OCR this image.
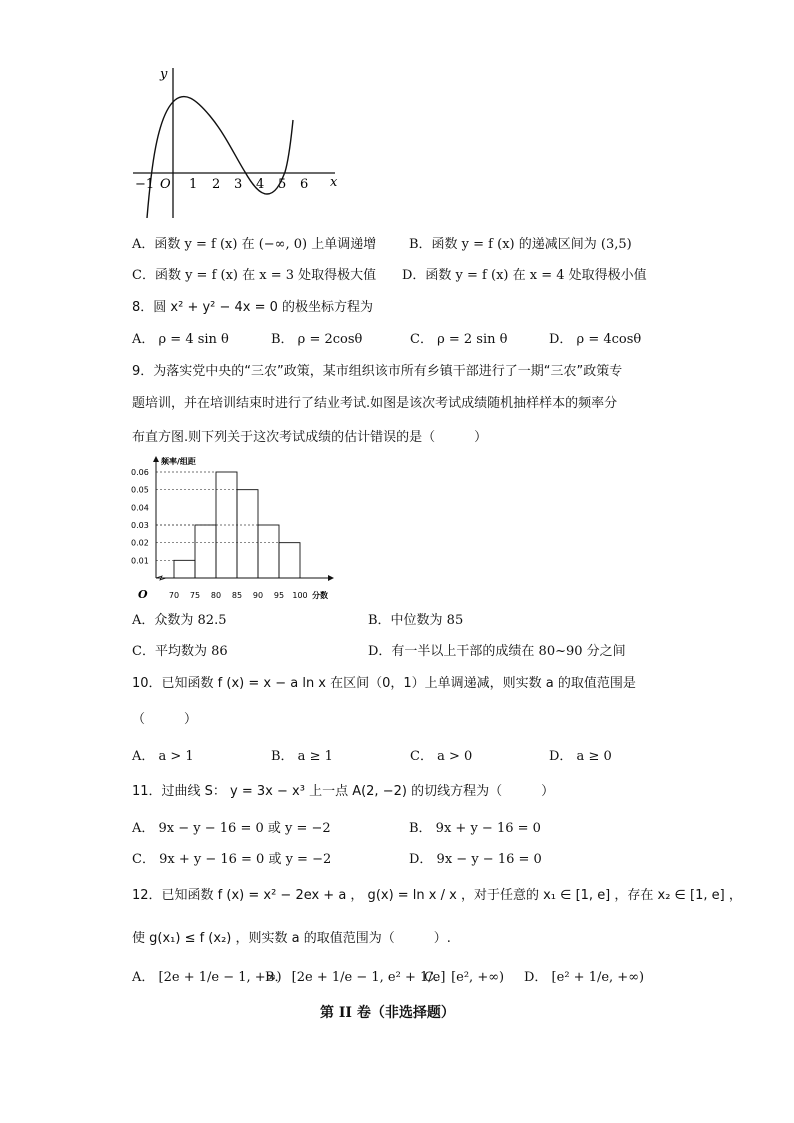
y
x
−1 O 1 2 3 4 5 6
A．函数 y = f (x) 在 (−∞, 0) 上单调递增	B．函数 y = f (x) 的递减区间为 (3,5)
C．函数 y = f (x) 在 x = 3 处取得极大值 D．函数 y = f (x) 在 x = 4 处取得极小值
8．圆 x² + y² − 4x = 0 的极坐标方程为
A． ρ = 4 sin θ	B． ρ = 2cosθ	C． ρ = 2 sin θ	D． ρ = 4cosθ
9．为落实党中央的“三农”政策，某市组织该市所有乡镇干部进行了一期“三农”政策专
题培训，并在培训结束时进行了结业考试.如图是该次考试成绩随机抽样样本的频率分
布直方图.则下列关于这次考试成绩的估计错误的是（　　　）
0.01
0.02
0.03
0.04
0.05
0.06
70 75 80 85 90 95 100
频率/组距
分数
O
A．众数为 82.5	B．中位数为 85
C．平均数为 86	D．有一半以上干部的成绩在 80~90 分之间
10．已知函数 f (x) = x − a ln x 在区间（0，1）上单调递减，则实数 a 的取值范围是
（　　　）
A． a > 1	B． a ≥ 1	C． a > 0	D． a ≥ 0
11．过曲线 S： y = 3x − x³ 上一点 A(2, −2) 的切线方程为（　　　）
A． 9x − y − 16 = 0 或 y = −2	B． 9x + y − 16 = 0
C． 9x + y − 16 = 0 或 y = −2	D． 9x − y − 16 = 0
12．已知函数 f (x) = x² − 2ex + a ， g(x) = ln x / x ，对于任意的 x₁ ∈ [1, e] ，存在 x₂ ∈ [1, e] ，
使 g(x₁) ≤ f (x₂) ，则实数 a 的取值范围为（　　　）.
A． [2e + 1/e − 1, +∞)
B． [2e + 1/e − 1, e² + 1/e]
C． [e², +∞) D． [e² + 1/e, +∞)
第 II 卷（非选择题）
